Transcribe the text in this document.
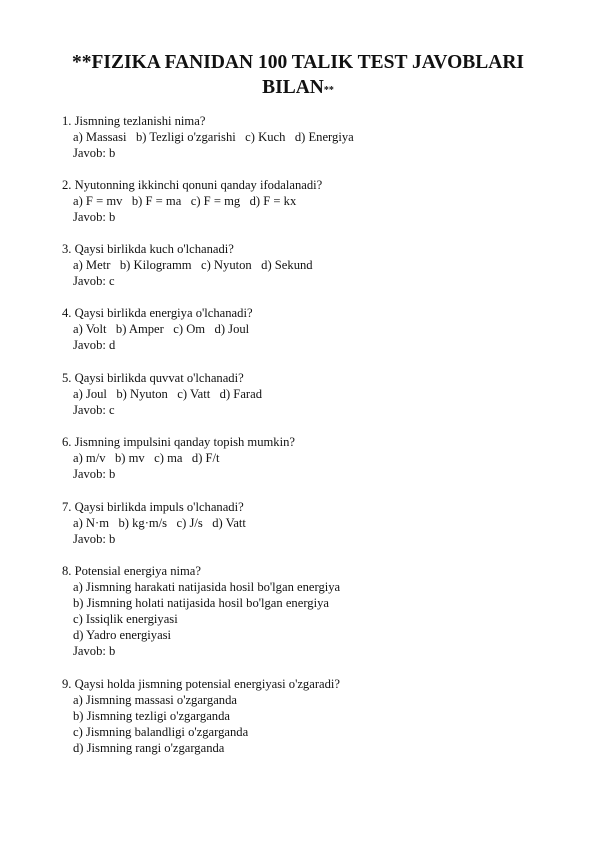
**FIZIKA FANIDAN 100 TALIK TEST JAVOBLARI
BILAN**
1. Jismning tezlanishi nima?
a) Massasi   b) Tezligi o'zgarishi   c) Kuch   d) Energiya
Javob: b
2. Nyutonning ikkinchi qonuni qanday ifodalanadi?
a) F = mv   b) F = ma   c) F = mg   d) F = kx
Javob: b
3. Qaysi birlikda kuch o'lchanadi?
a) Metr   b) Kilogramm   c) Nyuton   d) Sekund
Javob: c
4. Qaysi birlikda energiya o'lchanadi?
a) Volt   b) Amper   c) Om   d) Joul
Javob: d
5. Qaysi birlikda quvvat o'lchanadi?
a) Joul   b) Nyuton   c) Vatt   d) Farad
Javob: c
6. Jismning impulsini qanday topish mumkin?
a) m/v   b) mv   c) ma   d) F/t
Javob: b
7. Qaysi birlikda impuls o'lchanadi?
a) N·m   b) kg·m/s   c) J/s   d) Vatt
Javob: b
8. Potensial energiya nima?
a) Jismning harakati natijasida hosil bo'lgan energiya
b) Jismning holati natijasida hosil bo'lgan energiya
c) Issiqlik energiyasi
d) Yadro energiyasi
Javob: b
9. Qaysi holda jismning potensial energiyasi o'zgaradi?
a) Jismning massasi o'zgarganda
b) Jismning tezligi o'zgarganda
c) Jismning balandligi o'zgarganda
d) Jismning rangi o'zgarganda
